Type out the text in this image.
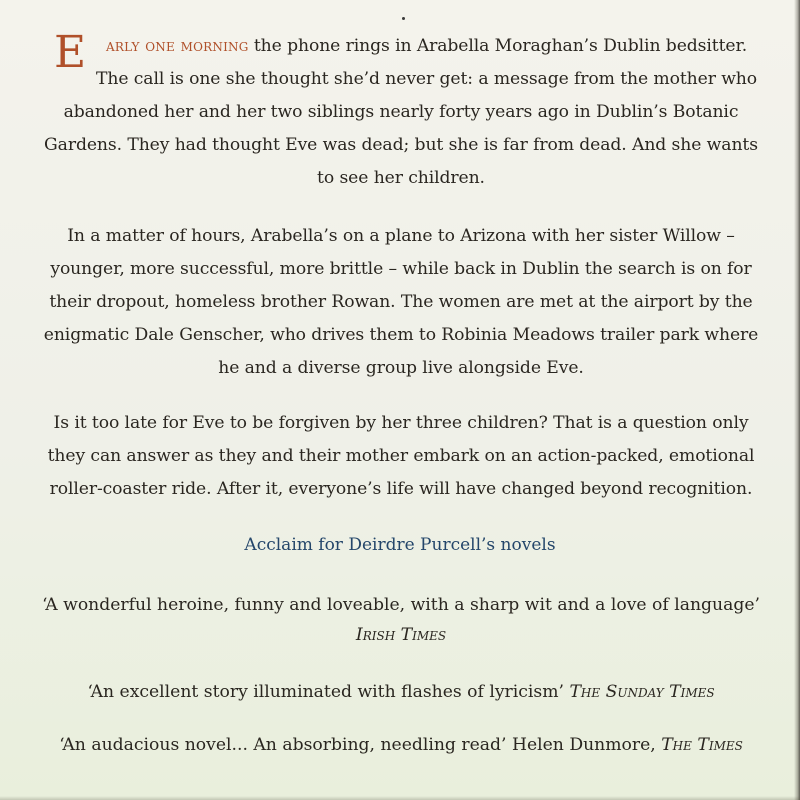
E arly one morning the phone rings in Arabella Moraghan’s Dublin bedsitter. The call is one she thought she’d never get: a message from the mother who abandoned her and her two siblings nearly forty years ago in Dublin’s Botanic Gardens. They had thought Eve was dead; but she is far from dead. And she wants to see her children.

In a matter of hours, Arabella’s on a plane to Arizona with her sister Willow – younger, more successful, more brittle – while back in Dublin the search is on for their dropout, homeless brother Rowan. The women are met at the airport by the enigmatic Dale Genscher, who drives them to Robinia Meadows trailer park where he and a diverse group live alongside Eve.

Is it too late for Eve to be forgiven by her three children? That is a question only they can answer as they and their mother embark on an action-packed, emotional roller-coaster ride. After it, everyone’s life will have changed beyond recognition.

Acclaim for Deirdre Purcell’s novels

‘A wonderful heroine, funny and loveable, with a sharp wit and a love of language’
Irish Times

‘An excellent story illuminated with flashes of lyricism’ The Sunday Times

‘An audacious novel... An absorbing, needling read’ Helen Dunmore, The Times
